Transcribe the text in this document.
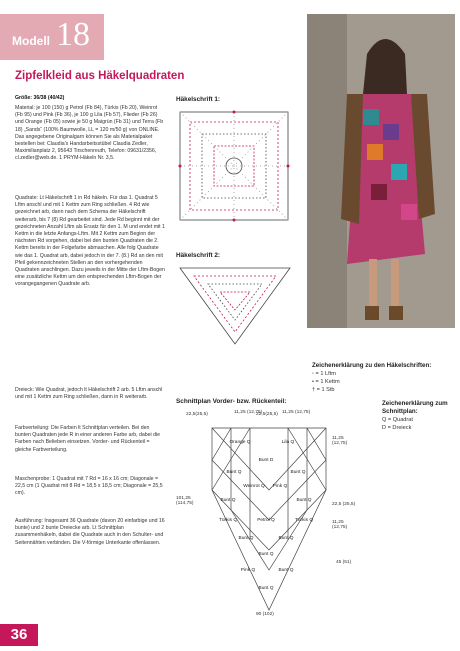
Modell 18
Zipfelkleid aus Häkelquadraten
Größe: 36/38 (40/42)
Material: je 100 (150) g Petrol (Fb 84), Türkis (Fb 20), Weinrot (Fb 95) und Pink (Fb 36), je 100 g Lila (Fb 57), Flieder (Fb 26) und Orange (Fb 05) sowie je 50 g Maigrün (Fb 31) und Terra (Fb 18) „Sands“ (100% Baumwolle, LL = 120 m/50 g) von ONLINE. Das angegebene Originalgarn können Sie als Materialpaket bestellen bei: Claudia's Handarbeitsstübel Claudia Zedler, Maximilianplatz 2, 95643 Tirschenreuth, Telefon: 09631/2356, cl.zedler@web.de. 1 PRYM-Häkeln Nr. 3,5.
Quadrate: Lt Häkelschrift 1 in Rd häkeln. Für das 1. Quadrat 5 Lftm anschl und mit 1 Kettm zum Ring schließen. 4 Rd wie gezeichnet arb, dann nach dem Schema der Häkelschrift weiterarb, bis 7 (8) Rd gearbeitet sind. Jede Rd beginnt mit der gezeichneten Anzahl Lftm als Ersatz für den 1. M und endet mit 1 Kettm in die letzte Anfangs-Lftm. Mit 2 Kettm zum Beginn der nächsten Rd vorgehen, dabei bei den bunten Quadraten die 2. Kettm bereits in der Folgefarbe abmaschen. Alle folg Quadrate wie das 1. Quadrat arb, dabei jedoch in der 7. (8.) Rd an den mit Pfeil gekennzeichneten Stellen an den vorhergehenden Quadraten anschlingen. Dazu jeweils in der Mitte der Lftm-Bogen eine zusätzliche Kettm um den entsprechenden Lftm-Bogen der vorangegangenen Quadrate arb.
Dreieck: Wie Quadrat, jedoch lt Häkelschrift 2 arb. 5 Lftm anschl und mit 1 Kettm zum Ring schließen, dann in R weiterarb.
Farbverteilung: Die Farben lt Schnittplan verteilen. Bei den bunten Quadraten jede R in einer anderen Farbe arb, dabei die Farben nach Belieben einsetzen. Vorder- und Rückenteil = gleiche Farbverteilung.
Maschenprobe: 1 Quadrat mit 7 Rd = 16 x 16 cm; Diagonale = 22,5 cm (1 Quadrat mit 8 Rd = 18,5 x 18,5 cm; Diagonale = 25,5 cm).
Ausführung: Insgesamt 36 Quadrate (davon 20 einfarbige und 16 bunte) und 2 bunte Dreiecke arb. Lt Schnittplan zusammenhäkeln, dabei die Quadrate auch in den Schulter- und Seitennähten verbinden. Die V-förmige Unterkante offenlassen.
Häkelschrift 1:
Häkelschrift 2:
Zeichenerklärung zu den Häkelschriften:
◦ = 1 Lftm
• = 1 Kettm
† = 1 Stb
Zeichenerklärung zum Schnittplan:
Q = Quadrat
D = Dreieck
Schnittplan Vorder- bzw. Rückenteil:
22,5(25,5)	11,25 (12,75)
22,5(25,5) 11,25 (12,75)
11,25 (12,75)
101,25 (114,75)	22,5 (25,5)
11,25 (12,75)
45 (51)
90 (102)
Orange Q	Lila Q
Bunt D
Bunt Q	Bunt Q
Weinrot Q	Pink Q
Bunt Q	Bunt Q
Türkis Q	Petrol Q	Türkis Q
Bunt Q	Bunt Q
Bunt Q
Pink Q	Bunt Q
Bunt Q
36
